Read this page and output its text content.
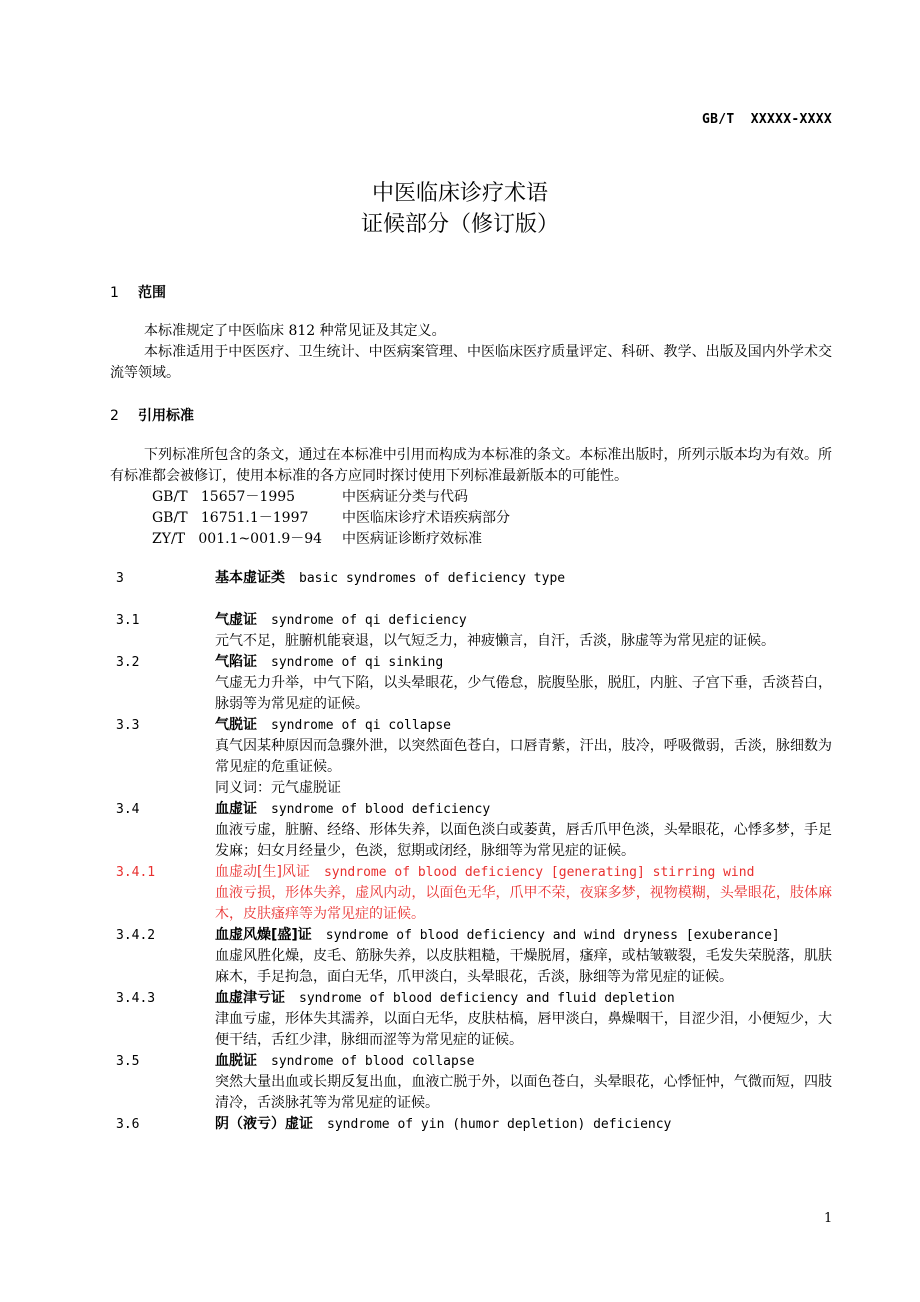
GB/T  XXXXX-XXXX
中医临床诊疗术语
证候部分（修订版）
1 范围

本标准规定了中医临床 812 种常见证及其定义。

本标准适用于中医医疗、卫生统计、中医病案管理、中医临床医疗质量评定、科研、教学、出版及国内外学术交流等领域。

2 引用标准

下列标准所包含的条文，通过在本标准中引用而构成为本标准的条文。本标准出版时，所列示版本均为有效。所有标准都会被修订，使用本标准的各方应同时探讨使用下列标准最新版本的可能性。

GB/T   15657－1995	中医病证分类与代码
GB/T   16751.1－1997	中医临床诊疗术语疾病部分
ZY/T   001.1~001.9－94	中医病证诊断疗效标准
3	基本虚证类 basic syndromes of deficiency type
3.1	气虚证 syndrome of qi deficiency
元气不足，脏腑机能衰退，以气短乏力，神疲懒言，自汗，舌淡，脉虚等为常见症的证候。
3.2	气陷证 syndrome of qi sinking
气虚无力升举，中气下陷，以头晕眼花，少气倦怠，脘腹坠胀，脱肛，内脏、子宫下垂，舌淡苔白，脉弱等为常见症的证候。
3.3	气脱证 syndrome of qi collapse
真气因某种原因而急骤外泄，以突然面色苍白，口唇青紫，汗出，肢冷，呼吸微弱，舌淡，脉细数为常见症的危重证候。
同义词：元气虚脱证
3.4	血虚证 syndrome of blood deficiency
血液亏虚，脏腑、经络、形体失养，以面色淡白或萎黄，唇舌爪甲色淡，头晕眼花，心悸多梦，手足发麻；妇女月经量少，色淡，愆期或闭经，脉细等为常见症的证候。
3.4.1	血虚动[生]风证 syndrome of blood deficiency [generating] stirring wind
血液亏损，形体失养，虚风内动，以面色无华，爪甲不荣，夜寐多梦，视物模糊，头晕眼花，肢体麻木，皮肤瘙痒等为常见症的证候。
3.4.2	血虚风燥[盛]证 syndrome of blood deficiency and wind dryness [exuberance]
血虚风胜化燥，皮毛、筋脉失养，以皮肤粗糙，干燥脱屑，瘙痒，或枯皱皲裂，毛发失荣脱落，肌肤麻木，手足拘急，面白无华，爪甲淡白，头晕眼花，舌淡，脉细等为常见症的证候。
3.4.3	血虚津亏证 syndrome of blood deficiency and fluid depletion
津血亏虚，形体失其濡养，以面白无华，皮肤枯槁，唇甲淡白，鼻燥咽干，目涩少泪，小便短少，大便干结，舌红少津，脉细而涩等为常见症的证候。
3.5	血脱证 syndrome of blood collapse
突然大量出血或长期反复出血，血液亡脱于外，以面色苍白，头晕眼花，心悸怔忡，气微而短，四肢清冷，舌淡脉芤等为常见症的证候。
3.6	阴（液亏）虚证 syndrome of yin (humor depletion) deficiency
1
